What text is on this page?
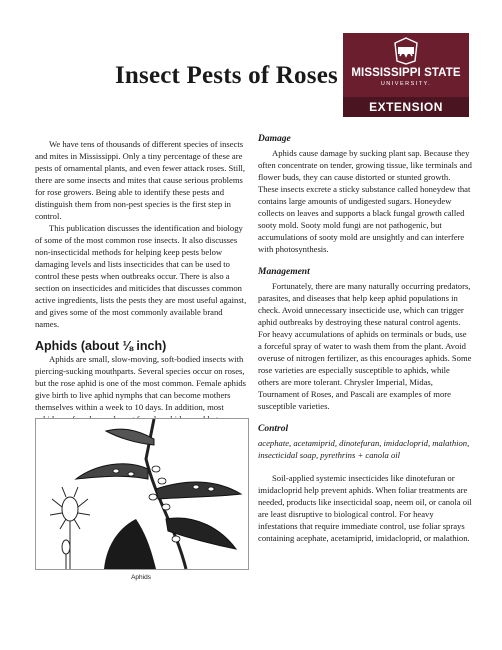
Insect Pests of Roses	MISSISSIPPI STATE
UNIVERSITY.
EXTENSION

We have tens of thousands of different species of insects and mites in Mississippi. Only a tiny percentage of these are pests of ornamental plants, and even fewer attack roses. Still, there are some insects and mites that cause serious problems for rose growers. Being able to identify these pests and distinguish them from non-pest species is the first step in control.

This publication discusses the identification and biology of some of the most common rose insects. It also discusses non-insecticidal methods for helping keep pests below damaging levels and lists insecticides that can be used to control these pests when outbreaks occur. There is also a section on insecticides and miticides that discusses common active ingredients, lists the pests they are most useful against, and gives some of the most commonly available brand names.

Aphids (about ⅛ inch)

Aphids are small, slow-moving, soft-bodied insects with piercing-sucking mouthparts. Several species occur on roses, but the rose aphid is one of the most common. Female aphids give birth to live aphid nymphs that can become mothers themselves within a week to 10 days. In addition, most

Aphids
Damage

Aphids cause damage by sucking plant sap. Because they often concentrate on tender, growing tissue, like terminals and flower buds, they can cause distorted or stunted growth. These insects excrete a sticky substance called honeydew that contains large amounts of undigested sugars. Honeydew collects on leaves and supports a black fungal growth called sooty mold. Sooty mold fungi are not pathogenic, but accumulations of sooty mold are unsightly and can interfere with photosynthesis.

Management

Fortunately, there are many naturally occurring predators, parasites, and diseases that help keep aphid populations in check. Avoid unnecessary insecticide use, which can trigger aphid outbreaks by destroying these natural control agents. For heavy accumulations of aphids on terminals or buds, use a forceful spray of water to wash them from the plant. Avoid overuse of nitrogen fertilizer, as this encourages aphids. Some rose varieties are especially susceptible to aphids, while others are more tolerant. Chrysler Imperial, Midas, Tournament of Roses, and Pascali are examples of more susceptible varieties.

Control

acephate, acetamiprid, dinotefuran, imidacloprid, malathion, insecticidal soap, pyrethrins + canola oil

Soil-applied systemic insecticides like dinotefuran or imidacloprid help prevent aphids. When foliar treatments are needed, products like insecticidal soap, neem oil, or canola oil are least disruptive to biological control. For heavy infestations that require immediate control, use foliar sprays containing acephate, acetamiprid, imidacloprid, or malathion.
